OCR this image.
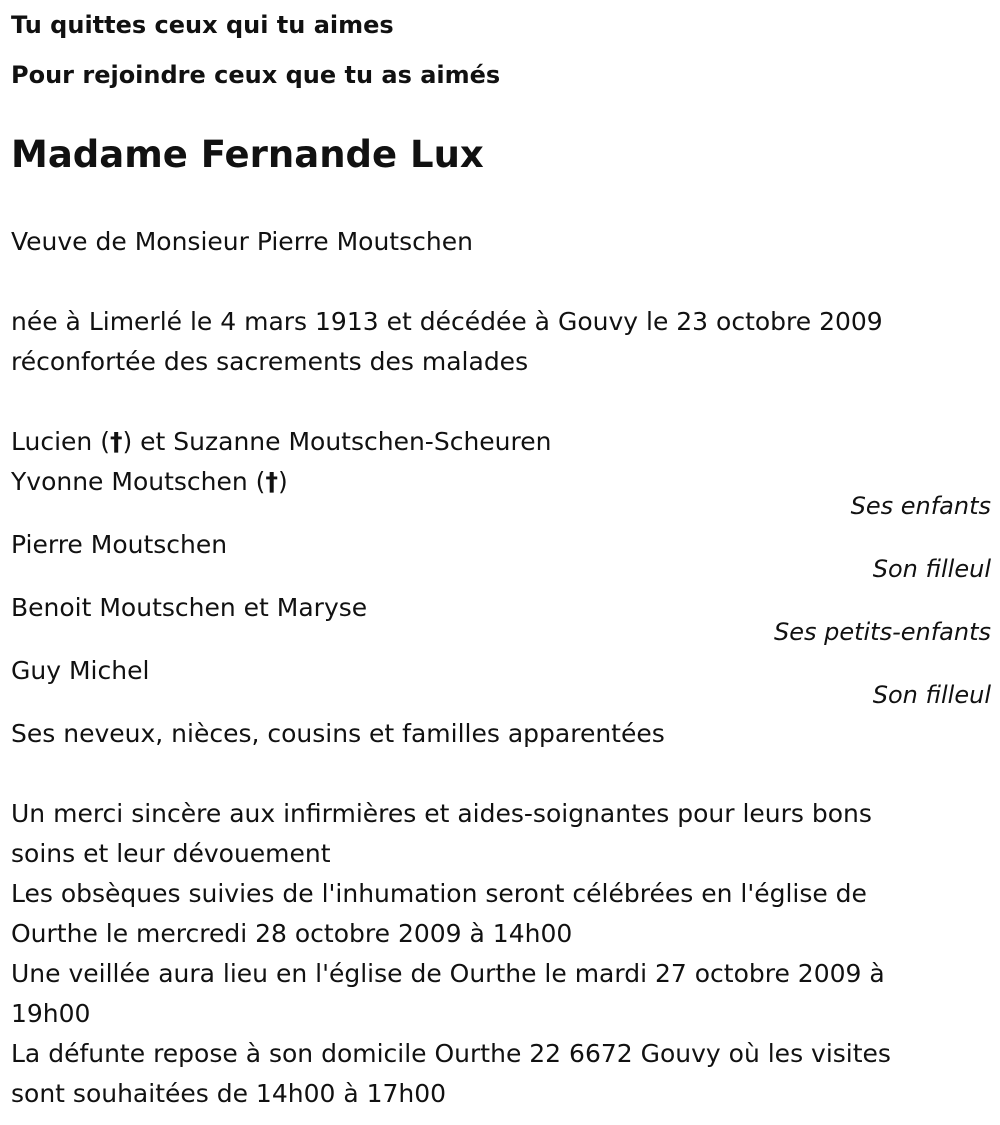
Tu quittes ceux qui tu aimes

Pour rejoindre ceux que tu as aimés

Madame Fernande Lux

Veuve de Monsieur Pierre Moutschen

née à Limerlé le 4 mars 1913 et décédée à Gouvy le 23 octobre 2009

réconfortée des sacrements des malades

Lucien (†) et Suzanne Moutschen-Scheuren

Yvonne Moutschen (†)

Ses enfants

Pierre Moutschen

Son filleul

Benoit Moutschen et Maryse

Ses petits-enfants

Guy Michel

Son filleul

Ses neveux, nièces, cousins et familles apparentées

Un merci sincère aux infirmières et aides-soignantes pour leurs bons

soins et leur dévouement

Les obsèques suivies de l'inhumation seront célébrées en l'église de

Ourthe le mercredi 28 octobre 2009 à 14h00

Une veillée aura lieu en l'église de Ourthe le mardi 27 octobre 2009 à

19h00

La défunte repose à son domicile Ourthe 22 6672 Gouvy où les visites

sont souhaitées de 14h00 à 17h00
